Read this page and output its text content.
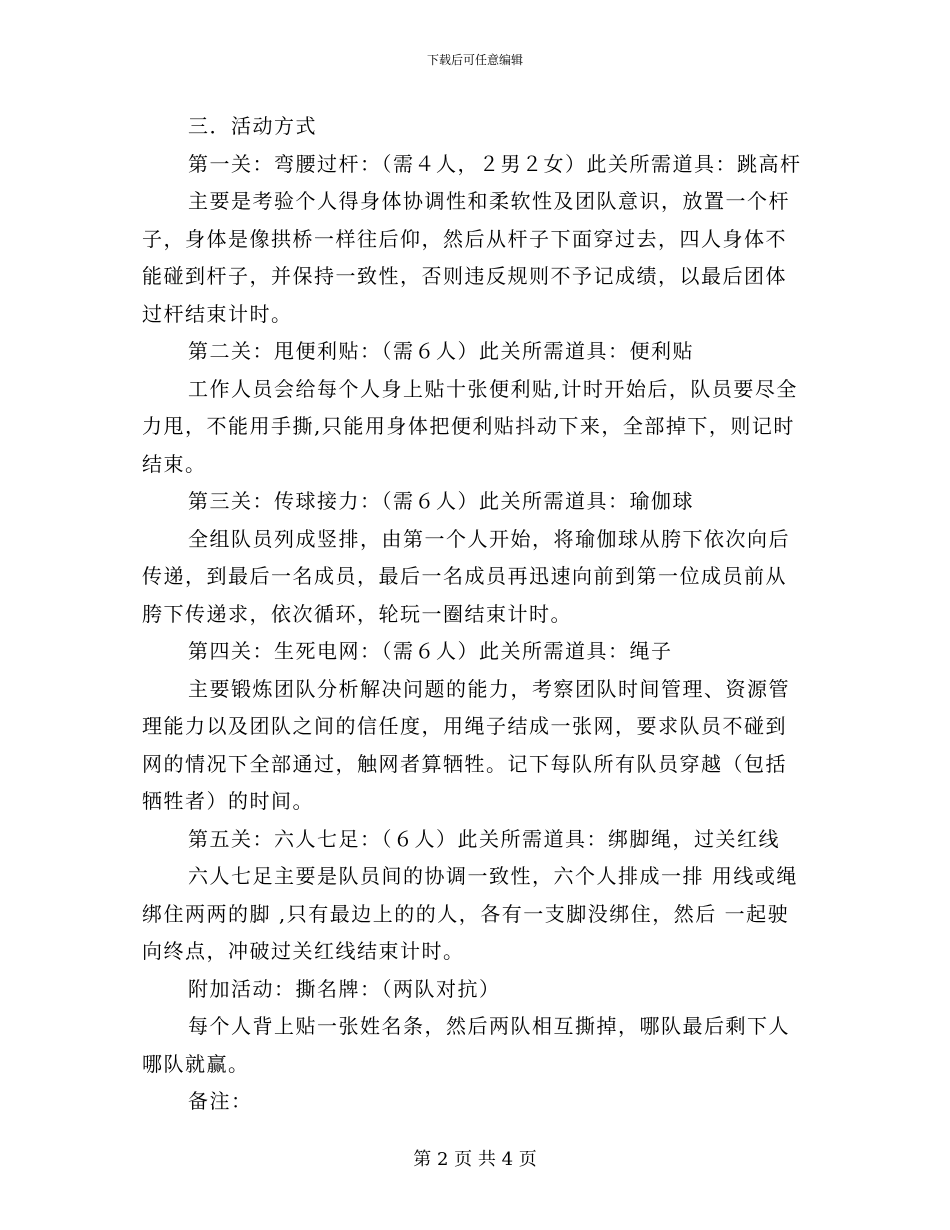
下载后可任意编辑
三．活动方式
第一关：弯腰过杆：（需４人，２男２女）此关所需道具：跳高杆
主要是考验个人得身体协调性和柔软性及团队意识，放置一个杆
子，身体是像拱桥一样往后仰，然后从杆子下面穿过去，四人身体不
能碰到杆子，并保持一致性，否则违反规则不予记成绩，以最后团体
过杆结束计时。
第二关：甩便利贴：（需６人）此关所需道具：便利贴
工作人员会给每个人身上贴十张便利贴,计时开始后，队员要尽全
力甩，不能用手撕,只能用身体把便利贴抖动下来，全部掉下，则记时
结束。
第三关：传球接力：（需６人）此关所需道具：瑜伽球
全组队员列成竖排，由第一个人开始，将瑜伽球从胯下依次向后
传递，到最后一名成员，最后一名成员再迅速向前到第一位成员前从
胯下传递求，依次循环，轮玩一圈结束计时。
第四关：生死电网：（需６人）此关所需道具：绳子
主要锻炼团队分析解决问题的能力，考察团队时间管理、资源管
理能力以及团队之间的信任度，用绳子结成一张网，要求队员不碰到
网的情况下全部通过，触网者算牺牲。记下每队所有队员穿越（包括
牺牲者）的时间。
第五关：六人七足：（６人）此关所需道具：绑脚绳，过关红线
六人七足主要是队员间的协调一致性，六个人排成一排 用线或绳
绑住两两的脚 ,只有最边上的的人，各有一支脚没绑住，然后 一起驶
向终点，冲破过关红线结束计时。
附加活动：撕名牌：（两队对抗）
每个人背上贴一张姓名条，然后两队相互撕掉，哪队最后剩下人
哪队就赢。
备注：
第 2 页 共 4 页
